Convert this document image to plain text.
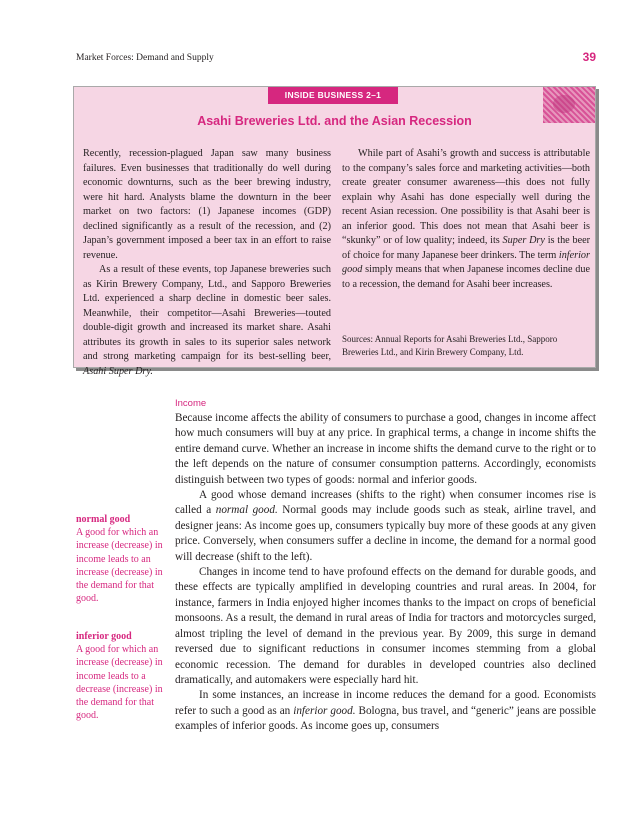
Market Forces: Demand and Supply	39
INSIDE BUSINESS 2–1
Asahi Breweries Ltd. and the Asian Recession

Recently, recession-plagued Japan saw many business failures. Even businesses that traditionally do well during economic downturns, such as the beer brewing industry, were hit hard. Analysts blame the downturn in the beer market on two factors: (1) Japanese incomes (GDP) declined significantly as a result of the recession, and (2) Japan’s government imposed a beer tax in an effort to raise revenue.

As a result of these events, top Japanese breweries such as Kirin Brewery Company, Ltd., and Sapporo Breweries Ltd. experienced a sharp decline in domestic beer sales. Meanwhile, their competitor—Asahi Breweries—touted double-digit growth and increased its market share. Asahi attributes its growth in sales to its superior sales network and strong marketing campaign for its best-selling beer, Asahi Super Dry.

While part of Asahi’s growth and success is attributable to the company’s sales force and marketing activities—both create greater consumer awareness—this does not fully explain why Asahi has done especially well during the recent Asian recession. One possibility is that Asahi beer is an inferior good. This does not mean that Asahi beer is “skunky” or of low quality; indeed, its Super Dry is the beer of choice for many Japanese beer drinkers. The term inferior good simply means that when Japanese incomes decline due to a recession, the demand for Asahi beer increases.

Sources: Annual Reports for Asahi Breweries Ltd., Sapporo Breweries Ltd., and Kirin Brewery Company, Ltd.
Income

Because income affects the ability of consumers to purchase a good, changes in income affect how much consumers will buy at any price. In graphical terms, a change in income shifts the entire demand curve. Whether an increase in income shifts the demand curve to the right or to the left depends on the nature of consumer consumption patterns. Accordingly, economists distinguish between two types of goods: normal and inferior goods.

A good whose demand increases (shifts to the right) when consumer incomes rise is called a normal good. Normal goods may include goods such as steak, airline travel, and designer jeans: As income goes up, consumers typically buy more of these goods at any given price. Conversely, when consumers suffer a decline in income, the demand for a normal good will decrease (shift to the left).

Changes in income tend to have profound effects on the demand for durable goods, and these effects are typically amplified in developing countries and rural areas. In 2004, for instance, farmers in India enjoyed higher incomes thanks to the impact on crops of beneficial monsoons. As a result, the demand in rural areas of India for tractors and motorcycles surged, almost tripling the level of demand in the previous year. By 2009, this surge in demand reversed due to significant reductions in consumer incomes stemming from a global economic recession. The demand for durables in developed countries also declined dramatically, and automakers were especially hard hit.

In some instances, an increase in income reduces the demand for a good. Economists refer to such a good as an inferior good. Bologna, bus travel, and “generic” jeans are possible examples of inferior goods. As income goes up, consumers

normal good
A good for which an increase (decrease) in income leads to an increase (decrease) in the demand for that good.
inferior good
A good for which an increase (decrease) in income leads to a decrease (increase) in the demand for that good.
